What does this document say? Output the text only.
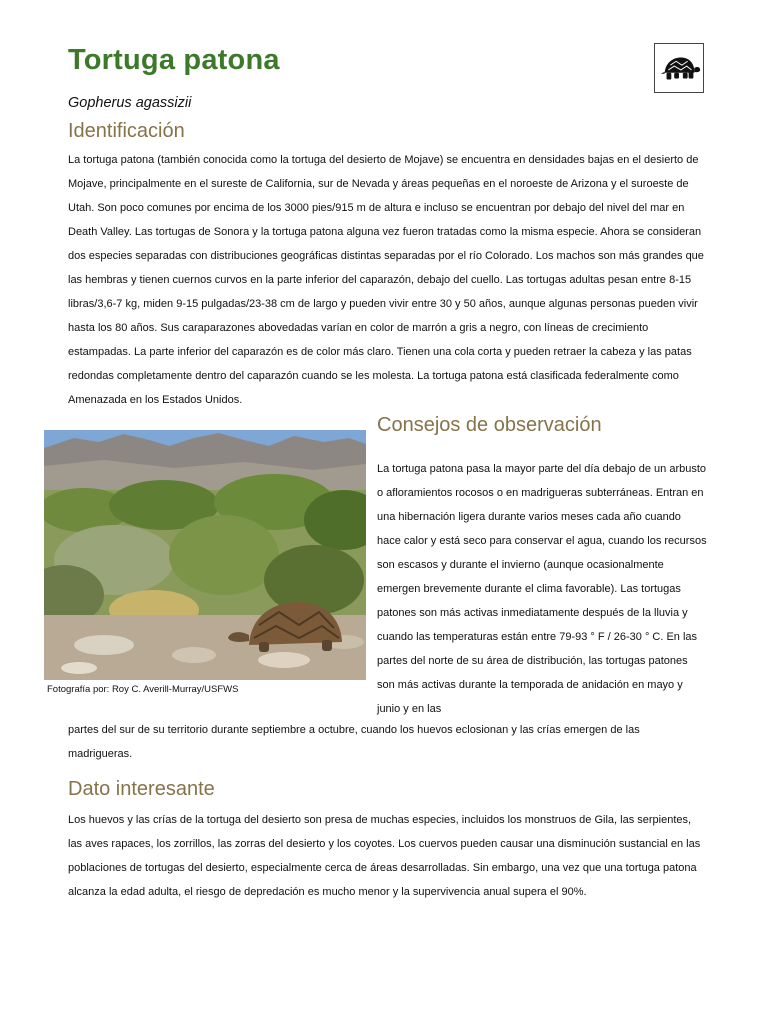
Tortuga patona

Gopherus agassizii

Identificación

La tortuga patona (también conocida como la tortuga del desierto de Mojave) se encuentra en densidades bajas en el desierto de Mojave, principalmente en el sureste de California, sur de Nevada y áreas pequeñas en el noroeste de Arizona y el suroeste de Utah. Son poco comunes por encima de los 3000 pies/915 m de altura e incluso se encuentran por debajo del nivel del mar en Death Valley. Las tortugas de Sonora y la tortuga patona alguna vez fueron tratadas como la misma especie. Ahora se consideran dos especies separadas con distribuciones geográficas distintas separadas por el río Colorado. Los machos son más grandes que las hembras y tienen cuernos curvos en la parte inferior del caparazón, debajo del cuello. Las tortugas adultas pesan entre 8-15 libras/3,6-7 kg, miden 9-15 pulgadas/23-38 cm de largo y pueden vivir entre 30 y 50 años, aunque algunas personas pueden vivir hasta los 80 años. Sus caraparazones abovedadas varían en color de marrón a gris a negro, con líneas de crecimiento estampadas. La parte inferior del caparazón es de color más claro. Tienen una cola corta y pueden retraer la cabeza y las patas redondas completamente dentro del caparazón cuando se les molesta. La tortuga patona está clasificada federalmente como Amenazada en los Estados Unidos.

Fotografía por: Roy C. Averill-Murray/USFWS

Consejos de observación

La tortuga patona pasa la mayor parte del día debajo de un arbusto o afloramientos rocosos o en madrigueras subterráneas. Entran en una hibernación ligera durante varios meses cada año cuando hace calor y está seco para conservar el agua, cuando los recursos son escasos y durante el invierno (aunque ocasionalmente emergen brevemente durante el clima favorable). Las tortugas patones son más activas inmediatamente después de la lluvia y cuando las temperaturas están entre 79-93 ° F / 26-30 ° C. En las partes del norte de su área de distribución, las tortugas patones son más activas durante la temporada de anidación en mayo y junio y en las

partes del sur de su territorio durante septiembre a octubre, cuando los huevos eclosionan y las crías emergen de las madrigueras.

Dato interesante

Los huevos y las crías de la tortuga del desierto son presa de muchas especies, incluidos los monstruos de Gila, las serpientes, las aves rapaces, los zorrillos, las zorras del desierto y los coyotes. Los cuervos pueden causar una disminución sustancial en las poblaciones de tortugas del desierto, especialmente cerca de áreas desarrolladas. Sin embargo, una vez que una tortuga patona alcanza la edad adulta, el riesgo de depredación es mucho menor y la supervivencia anual supera el 90%.
